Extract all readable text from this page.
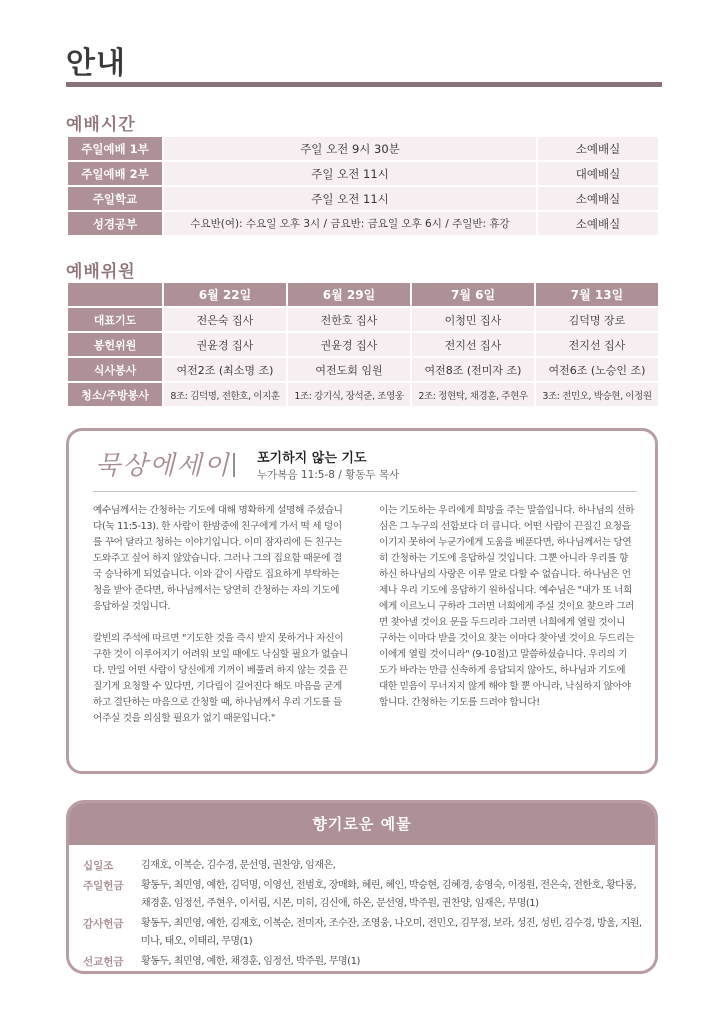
안내
예배시간
주일예배 1부	주일 오전 9시 30분	소예배실
주일예배 2부	주일 오전 11시	대예배실
주일학교	주일 오전 11시	소예배실
성경공부	수요반(여): 수요일 오후 3시 / 금요반: 금요일 오후 6시 / 주일반: 휴강	소예배실
예배위원
	6월 22일	6월 29일	7월 6일	7월 13일
대표기도	전은숙 집사	전한호 집사	이청민 집사	김덕명 장로
봉헌위원	권윤경 집사	권윤경 집사	전지선 집사	전지선 집사
식사봉사	여전2조 (최소명 조)	여전도회 임원	여전8조 (전미자 조)	여전6조 (노승인 조)
청소/주방봉사	8조: 김덕명, 전한호, 이지훈	1조: 강기식, 장석준, 조영웅	2조: 정현탁, 채경훈, 주현우	3조: 전민오, 박승현, 이정원
묵상에세이 포기하지 않는 기도
누가복음 11:5-8 / 황동두 목사

예수님께서는 간청하는 기도에 대해 명확하게 설명해 주셨습니다(눅 11:5-13). 한 사람이 한밤중에 친구에게 가서 떡 세 덩이를 꾸어 달라고 청하는 이야기입니다. 이미 잠자리에 든 친구는 도와주고 싶어 하지 않았습니다. 그러나 그의 집요함 때문에 결국 승낙하게 되었습니다. 이와 같이 사람도 집요하게 부탁하는 청을 받아 준다면, 하나님께서는 당연히 간청하는 자의 기도에 응답하실 것입니다.

칼빈의 주석에 따르면 "기도한 것을 즉시 받지 못하거나 자신이 구한 것이 이루어지기 어려워 보일 때에도 낙심할 필요가 없습니다. 만일 어떤 사람이 당신에게 기꺼이 베풀려 하지 않는 것을 끈질기게 요청할 수 있다면, 기다림이 길어진다 해도 마음을 굳게 하고 결단하는 마음으로 간청할 때, 하나님께서 우리 기도를 들어주실 것을 의심할 필요가 없기 때문입니다."

이는 기도하는 우리에게 희망을 주는 말씀입니다. 하나님의 선하심은 그 누구의 선함보다 더 큽니다. 어떤 사람이 끈질긴 요청을 이기지 못하여 누군가에게 도움을 베푼다면, 하나님께서는 당연히 간청하는 기도에 응답하실 것입니다. 그뿐 아니라 우리를 향하신 하나님의 사랑은 이루 말로 다할 수 없습니다. 하나님은 언제나 우리 기도에 응답하기 원하십니다. 예수님은 "내가 또 너희에게 이르노니 구하라 그러면 너희에게 주실 것이요 찾으라 그러면 찾아낼 것이요 문을 두드리라 그러면 너희에게 열릴 것이니 구하는 이마다 받을 것이요 찾는 이마다 찾아낼 것이요 두드리는 이에게 열릴 것이니라" (9-10절)고 말씀하셨습니다. 우리의 기도가 바라는 만큼 신속하게 응답되지 않아도, 하나님과 기도에 대한 믿음이 무너지지 않게 해야 할 뿐 아니라, 낙심하지 않아야 합니다. 간청하는 기도를 드려야 합니다!

향기로운 예물
십일조	김재호, 이복순, 김수경, 문선영, 권찬양, 임재은,
주일헌금	황동두, 최민영, 예한, 김덕명, 이영선, 전범호, 장매화, 혜린, 혜인, 박승현, 김혜경, 송영숙, 이정원, 전은숙, 전한호, 황다롱, 채경훈, 임정선, 주현우, 이서림, 시몬, 미히, 김신애, 하온, 문선영, 박주원, 권찬양, 임재은, 무명(1)
감사헌금	황동두, 최민영, 예한, 김재호, 이복순, 전미자, 조수잔, 조영웅, 나오미, 전민오, 김무정, 보라, 성진, 성빈, 김수경, 방울, 지원, 미나, 태오, 이태리, 무명(1)
선교헌금	황동두, 최민영, 예한, 채경훈, 임정선, 박주원, 무명(1)
